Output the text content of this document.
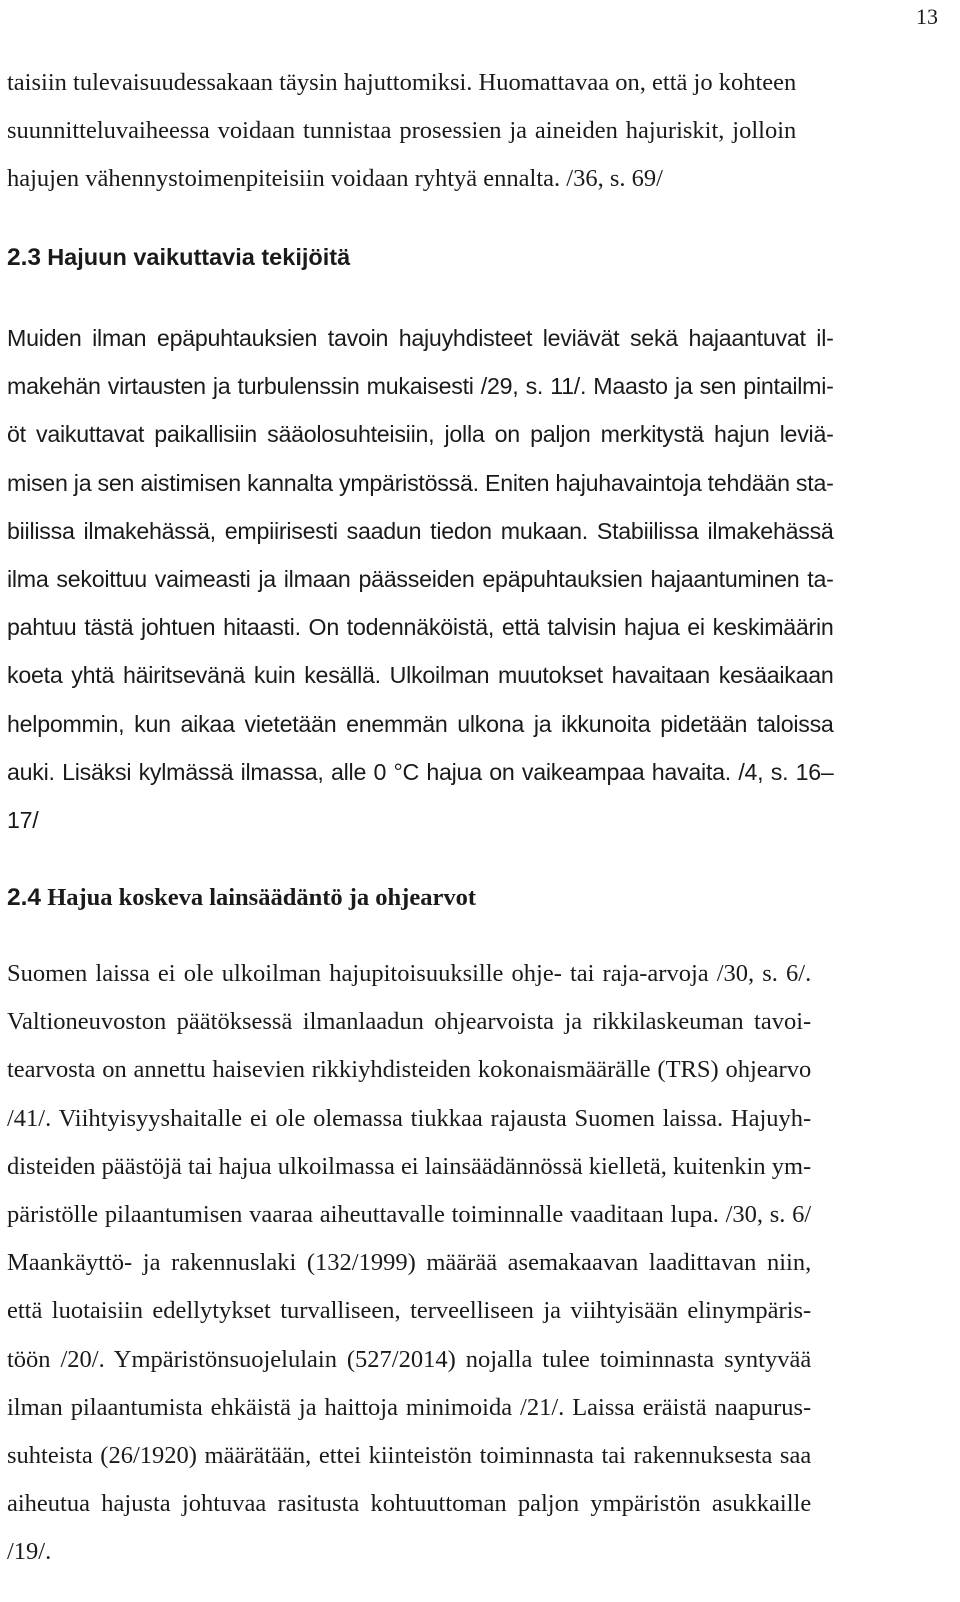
13

taisiin tulevaisuudessakaan täysin hajuttomiksi. Huomattavaa on, että jo kohteen

suunnitteluvaiheessa voidaan tunnistaa prosessien ja aineiden hajuriskit, jolloin

hajujen vähennystoimenpiteisiin voidaan ryhtyä ennalta. /36, s. 69/

2.3 Hajuun vaikuttavia tekijöitä

Muiden ilman epäpuhtauksien tavoin hajuyhdisteet leviävät sekä hajaantuvat il-

makehän virtausten ja turbulenssin mukaisesti /29, s. 11/. Maasto ja sen pintailmi-

öt vaikuttavat paikallisiin sääolosuhteisiin, jolla on paljon merkitystä hajun leviä-

misen ja sen aistimisen kannalta ympäristössä. Eniten hajuhavaintoja tehdään sta-

biilissa ilmakehässä, empiirisesti saadun tiedon mukaan. Stabiilissa ilmakehässä

ilma sekoittuu vaimeasti ja ilmaan päässeiden epäpuhtauksien hajaantuminen ta-

pahtuu tästä johtuen hitaasti. On todennäköistä, että talvisin hajua ei keskimäärin

koeta yhtä häiritsevänä kuin kesällä. Ulkoilman muutokset havaitaan kesäaikaan

helpommin, kun aikaa vietetään enemmän ulkona ja ikkunoita pidetään taloissa

auki. Lisäksi kylmässä ilmassa, alle 0 °C hajua on vaikeampaa havaita. /4, s. 16–

17/

2.4 Hajua koskeva lainsäädäntö ja ohjearvot

Suomen laissa ei ole ulkoilman hajupitoisuuksille ohje- tai raja-arvoja /30, s. 6/.

Valtioneuvoston päätöksessä ilmanlaadun ohjearvoista ja rikkilaskeuman tavoi-

tearvosta on annettu haisevien rikkiyhdisteiden kokonaismäärälle (TRS) ohjearvo

/41/. Viihtyisyyshaitalle ei ole olemassa tiukkaa rajausta Suomen laissa. Hajuyh-

disteiden päästöjä tai hajua ulkoilmassa ei lainsäädännössä kielletä, kuitenkin ym-

päristölle pilaantumisen vaaraa aiheuttavalle toiminnalle vaaditaan lupa. /30, s. 6/

Maankäyttö- ja rakennuslaki (132/1999) määrää asemakaavan laadittavan niin,

että luotaisiin edellytykset turvalliseen, terveelliseen ja viihtyisään elinympäris-

töön /20/. Ympäristönsuojelulain (527/2014) nojalla tulee toiminnasta syntyvää

ilman pilaantumista ehkäistä ja haittoja minimoida /21/. Laissa eräistä naapurus-

suhteista (26/1920) määrätään, ettei kiinteistön toiminnasta tai rakennuksesta saa

aiheutua hajusta johtuvaa rasitusta kohtuuttoman paljon ympäristön asukkaille

/19/.
